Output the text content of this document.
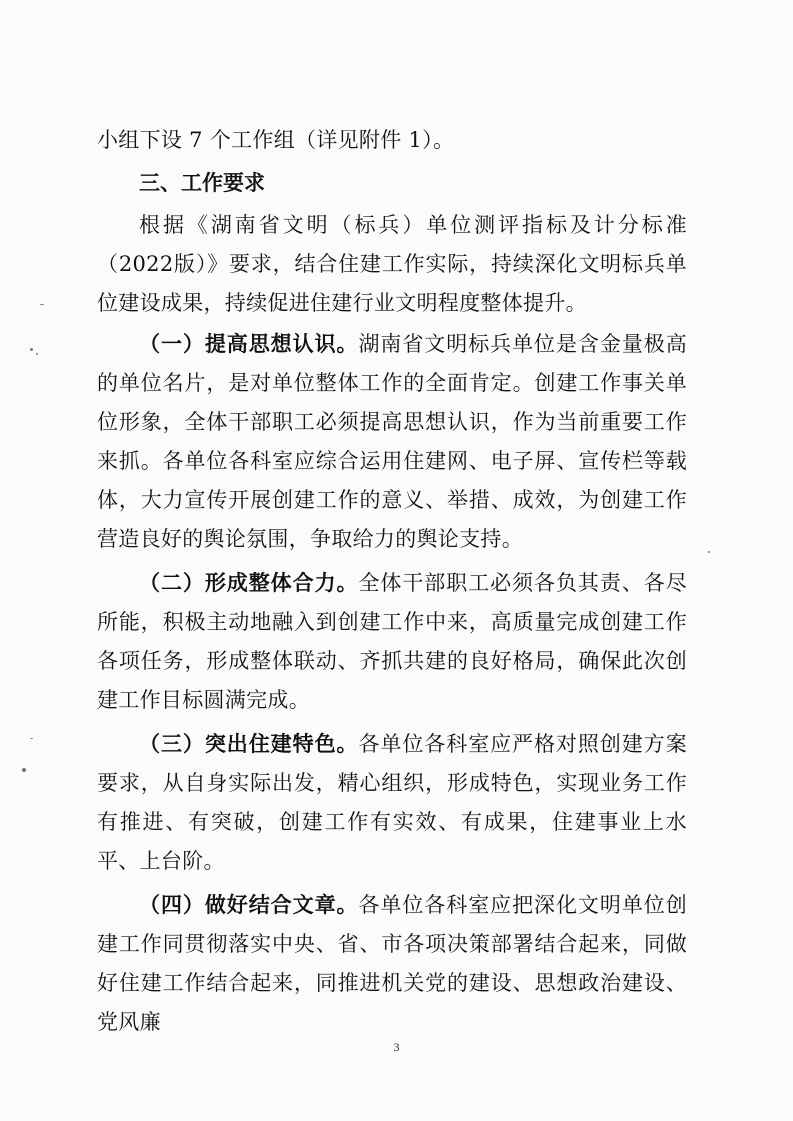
小组下设 7 个工作组（详见附件 1）。

三、工作要求

根据《湖南省文明（标兵）单位测评指标及计分标准（2022版）》要求，结合住建工作实际，持续深化文明标兵单位建设成果，持续促进住建行业文明程度整体提升。

（一）提高思想认识。湖南省文明标兵单位是含金量极高的单位名片，是对单位整体工作的全面肯定。创建工作事关单位形象，全体干部职工必须提高思想认识，作为当前重要工作来抓。各单位各科室应综合运用住建网、电子屏、宣传栏等载体，大力宣传开展创建工作的意义、举措、成效，为创建工作营造良好的舆论氛围，争取给力的舆论支持。

（二）形成整体合力。全体干部职工必须各负其责、各尽所能，积极主动地融入到创建工作中来，高质量完成创建工作各项任务，形成整体联动、齐抓共建的良好格局，确保此次创建工作目标圆满完成。

（三）突出住建特色。各单位各科室应严格对照创建方案要求，从自身实际出发，精心组织，形成特色，实现业务工作有推进、有突破，创建工作有实效、有成果，住建事业上水平、上台阶。

（四）做好结合文章。各单位各科室应把深化文明单位创建工作同贯彻落实中央、省、市各项决策部署结合起来，同做好住建工作结合起来，同推进机关党的建设、思想政治建设、党风廉

3
